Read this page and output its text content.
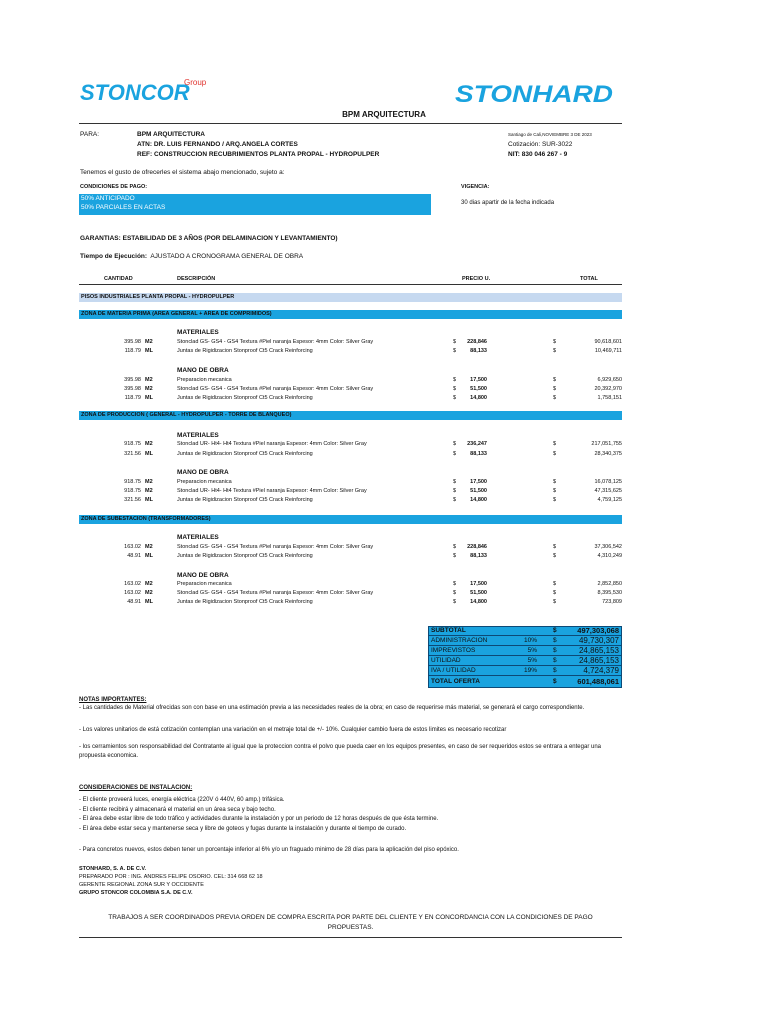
STONCOR
Group	STONHARD
BPM ARQUITECTURA
PARA:	BPM ARQUITECTURA
ATN: DR. LUIS FERNANDO / ARQ.ANGELA CORTES
REF: CONSTRUCCION RECUBRIMIENTOS PLANTA PROPAL - HYDROPULPER
Santiago de Cali,NOVIEMBRE 3 DE 2023
Cotización: SUR-3022
NIT: 830 046 267 - 9
Tenemos el gusto de ofrecerles el sistema abajo mencionado, sujeto a:
CONDICIONES DE PAGO:
50% ANTICIPADO
50% PARCIALES EN ACTAS
VIGENCIA:
30 dias apartir de la fecha indicada
GARANTIAS: ESTABILIDAD DE 3 AÑOS (POR DELAMINACION Y LEVANTAMIENTO)
Tiempo de Ejecución: AJUSTADO A CRONOGRAMA GENERAL DE OBRA
CANTIDAD	DESCRIPCIÓN	PRECIO U.	TOTAL
PISOS INDUSTRIALES PLANTA PROPAL - HYDROPULPER
ZONA DE MATERIA PRIMA (AREA GENERAL + AREA DE COMPRIMIDOS)
MATERIALES
395.98 M2	Stonclad GS- GS4 - GS4 Textura #Piel naranja Espesor: 4mm Color: Silver Gray	$ 228,846	$	90,618,601
118.79 ML	Juntas de Rigidizacion Stonproof Ct5 Crack Reinforcing	$	88,133	$	10,469,711
MANO DE OBRA
395.98 M2	Preparacion mecanica	$	17,500	$	6,929,650
395.98 M2	Stonclad GS- GS4 - GS4 Textura #Piel naranja Espesor: 4mm Color: Silver Gray	$	51,500	$	20,392,970
118.79 ML	Juntas de Rigidizacion Stonproof Ct5 Crack Reinforcing	$	14,800	$	1,758,151
ZONA DE PRODUCCION ( GENERAL - HYDROPULPER - TORRE DE BLANQUEO)
MATERIALES
918.75 M2	Stonclad UR- Ht4- Ht4 Textura #Piel naranja Espesor: 4mm Color: Silver Gray	$ 236,247	$	217,051,755
321.56 ML	Juntas de Rigidizacion Stonproof Ct5 Crack Reinforcing	$	88,133	$	28,340,375
MANO DE OBRA
918.75 M2	Preparacion mecanica	$	17,500	$	16,078,125
918.75 M2	Stonclad UR- Ht4- Ht4 Textura #Piel naranja Espesor: 4mm Color: Silver Gray	$	51,500	$	47,315,625
321.56 ML	Juntas de Rigidizacion Stonproof Ct5 Crack Reinforcing	$	14,800	$	4,759,125
ZONA DE SUBESTACION (TRANSFORMADORES)
MATERIALES
163.02 M2	Stonclad GS- GS4 - GS4 Textura #Piel naranja Espesor: 4mm Color: Silver Gray	$ 228,846	$	37,306,542
48.91 ML	Juntas de Rigidizacion Stonproof Ct5 Crack Reinforcing	$	88,133	$	4,310,249
MANO DE OBRA
163.02 M2	Preparacion mecanica	$	17,500	$	2,852,850
163.02 M2	Stonclad GS- GS4 - GS4 Textura #Piel naranja Espesor: 4mm Color: Silver Gray	$	51,500	$	8,395,530
48.91 ML	Juntas de Rigidizacion Stonproof Ct5 Crack Reinforcing	$	14,800	$	723,809
SUBTOTAL	$	497,303,068
ADMINISTRACION	10% $	49,730,307
IMPREVISTOS	5% $	24,865,153
UTILIDAD	5% $	24,865,153
IVA / UTILIDAD	19% $	4,724,379
TOTAL OFERTA	$	601,488,061
NOTAS IMPORTANTES:
- Las cantidades de Material ofrecidas son con base en una estimación previa a las necesidades reales de la obra; en caso de requerirse más material, se generará el cargo correspondiente.
- Los valores unitarios de está cotización contemplan una variación en el metraje total de +/- 10%. Cualquier cambio fuera de estos limites es necesario recotizar
- los cerramientos son responsabilidad del Contratante al igual que la proteccion contra el polvo que pueda caer en los equipos presentes, en caso de ser requeridos estos se entrara a entegar una propuesta economica.
CONSIDERACIONES DE INSTALACION:
- El cliente proveerá luces, energía eléctrica (220V ó 440V, 60 amp.) trifásica.
- El cliente recibirá y almacenará el material en un área seca y bajo techo.
- El área debe estar libre de todo tráfico y actividades durante la instalación y por un periodo de 12 horas después de que ésta termine.
- El área debe estar seca y mantenerse seca y libre de goteos y fugas durante la instalación y durante el tiempo de curado.
- Para concretos nuevos, estos deben tener un porcentaje inferior al 6% y/o un fraguado minimo de 28 días para la aplicación del piso epóxico.
STONHARD, S. A. DE C.V.
PREPARADO POR : ING. ANDRES FELIPE OSORIO. CEL: 314 668 62 18
GERENTE REGIONAL ZONA SUR Y OCCIDENTE
GRUPO STONCOR COLOMBIA S.A. DE C.V.
TRABAJOS A SER COORDINADOS PREVIA ORDEN DE COMPRA ESCRITA POR PARTE DEL CLIENTE Y EN CONCORDANCIA CON LA CONDICIONES DE PAGO
PROPUESTAS.
